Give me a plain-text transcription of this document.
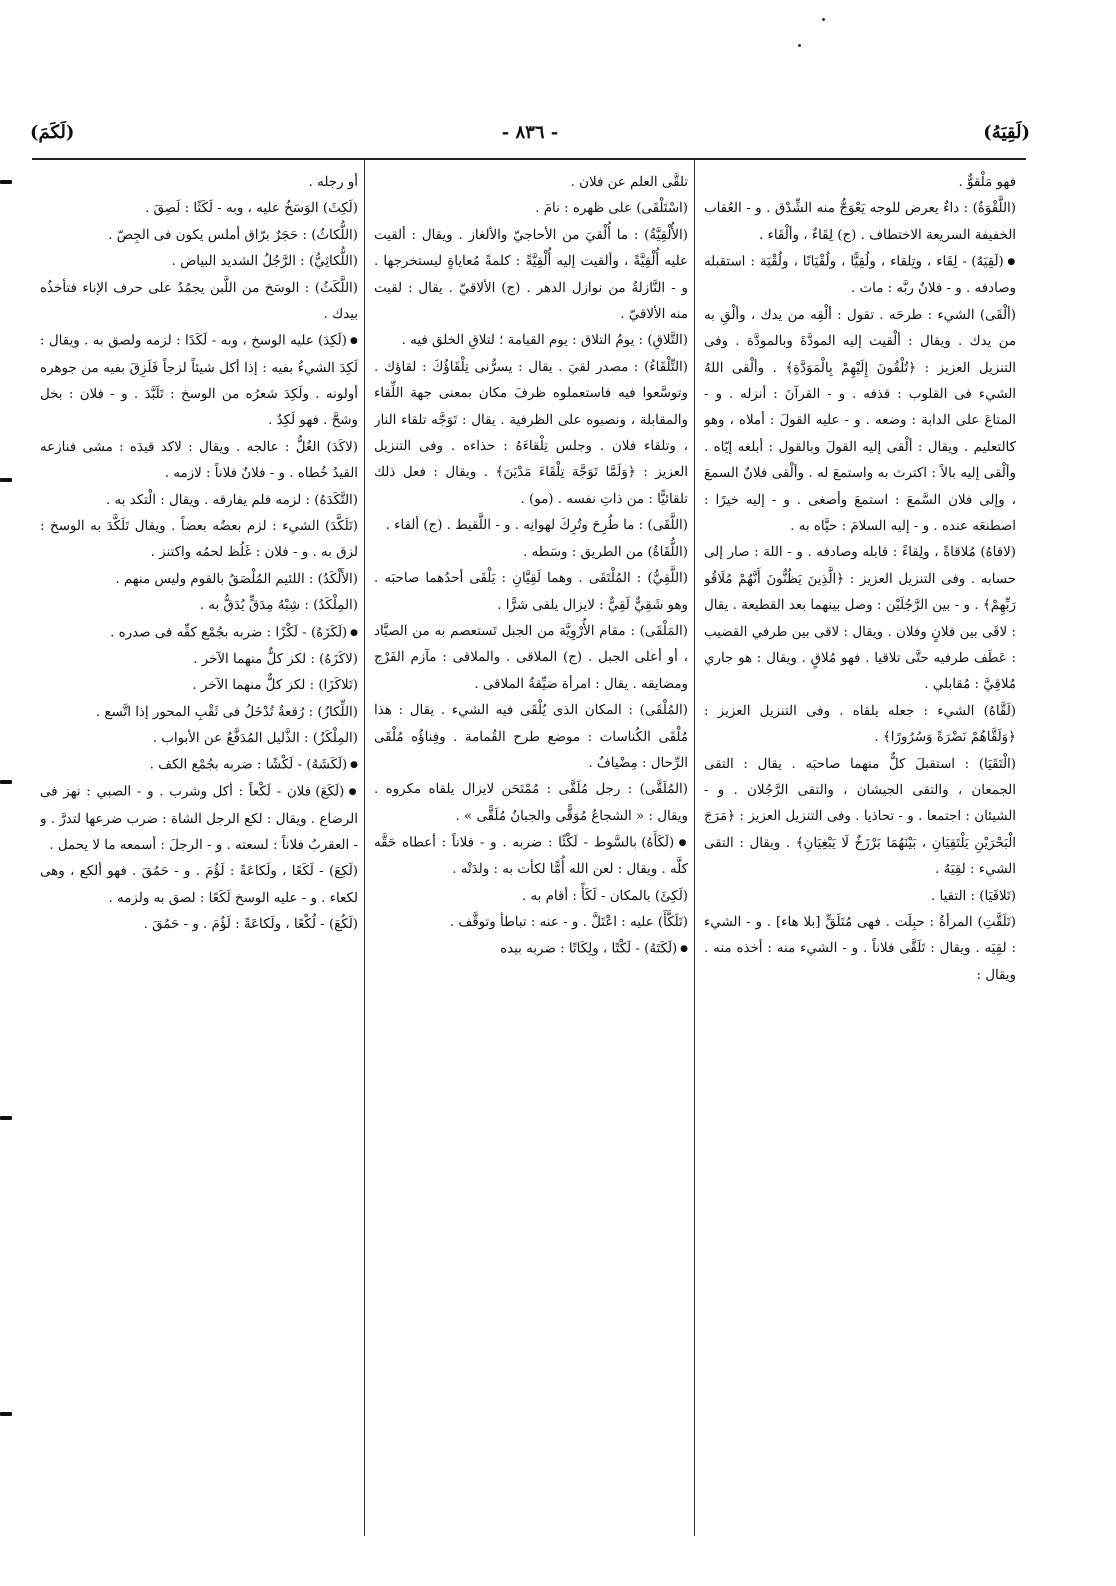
(لَقِيَهُ)
- ٨٣٦ -
(لَكَمَ)

فهو مَلْقوٌّ .

(اللَّقْوَةُ) : داءٌ يعرض للوجه يَعْوَجُّ منه الشِّدْق . و - العُقاب الخفيفة السريعة الاختطاف . (ج) لِقَاءٌ ، وألْقَاء .

● (لَقِيَهُ) - لِقَاء ، وتِلقاء ، ولُقِيًّا ، ولُقْيَانًا ، ولُقْيَة : استقبله وصادفه . و - فلانٌ ربَّه : مات .

(ألْقَى) الشيء : طرحَه . تقول : ألْقِه من يدك ، وألْقِ به من يدك . ويقال : ألْقيت إليه المودَّةَ وبالمودَّة . وفى التنزيل العزيز : ﴿تُلْقُونَ إِلَيْهِمْ بِالْمَوَدَّةِ﴾ . وألْقى اللهُ الشيء فى القلوب : قذفه . و - القرآنَ : أنزله . و - المتاعَ على الدابة : وضعه . و - عليه القولَ : أملاه ، وهو كالتعليم . ويقال : ألْقى إليه القولَ وبالقول : أبلغه إيّاه . وألْقى إليه بالاً : اكترث به واستمعَ له . وألْقى فلانٌ السمعَ ، وإلى فلان السَّمعَ : استمعَ وأصغى . و - إليه خيرًا : اصطنعَه عنده . و - إليه السلامَ : حيَّاه به .

(لاقاهُ) مُلاقاةً ، ولِقاءً : قابله وصادفه . و - اللهَ : صار إلى حسابه . وفى التنزيل العزيز : ﴿الَّذِينَ يَظُنُّونَ أَنَّهُمْ مُلَاقُو رَبِّهِمْ﴾ . و - بين الرَّجُلَيْن : وصل بينهما بعد القطيعة . يقال : لاقَى بين فلانٍ وفلان . ويقال : لاقى بين طرفي القضيب : عَطَف طرفيه حتَّى تلاقيا . فهو مُلاقٍ . ويقال : هو جاري مُلاقِيَّ : مُقابلي .

(لَقَّاهُ) الشيء : جعله يلقاه . وفى التنزيل العزيز : ﴿وَلَقَّاهُمْ نَضْرَةً وَسُرُورًا﴾ .

(الْتَقَيَا) : استقبلَ كلٌّ منهما صاحبَه . يقال : التقى الجمعان ، والتقى الجيشان ، والتقى الرَّجُلان . و - الشيئان : اجتمعا . و - تحاذيا . وفى التنزيل العزيز : ﴿مَرَجَ الْبَحْرَيْنِ يَلْتَقِيَانِ ، بَيْنَهُمَا بَرْزَخٌ لَا يَبْغِيَانِ﴾ . ويقال : التقى الشيء : لقِيَهُ .

(تَلاقَيَا) : التقيا .

(تَلَقَّتِ) المرأةُ : حبِلَت . فهى مُتَلَقٍّ [بلا هاء] . و - الشيء : لقِيَه . ويقال : تَلَقَّى فلاناً . و - الشيء منه : أخذه منه . ويقال :

تلقَّى العلم عن فلان .

(اسْتَلْقَى) على ظهره : نامَ .

(الأُلْقِيَّةُ) : ما أُلْقيَ من الأحاجيّ والألغاز . ويقال : ألقيت عليه أُلْقِيَّةً ، وألقيت إليه أُلْقِيَّةً : كلمةً مُعاياةٍ ليستخرجها . و - النَّازلةُ من نوازل الدهر . (ج) الألاقيّ . يقال : لقيت منه الألاقيّ .

(التَّلاقِ) : يومُ التلاق : يوم القيامة ؛ لتلاقِ الخلق فيه .

(التِّلْقَاءُ) : مصدر لقيَ . يقال : يسرُّنى تِلْقَاؤُكَ : لقاؤك . وتوسَّعوا فيه فاستعملوه ظرفَ مكان بمعنى جهة اللِّقاء والمقابلة ، ونصبوه على الظرفية . يقال : تَوَجَّه تلقاء النار ، وتلقاء فلان . وجلس تِلْقاءَهُ : حذاءه . وفى التنزيل العزيز : ﴿وَلَمَّا تَوَجَّهَ تِلْقَاءَ مَدْيَنَ﴾ . ويقال : فعل ذلك تلقائيًّا : من ذاتِ نفسه . (مو) .

(اللَّقَى) : ما طُرِحَ وتُرِكَ لهوانِه . و - اللَّقيط . (ج) ألقاء .

(اللُّقَاةُ) من الطريق : وسَطه .

(اللَّقِيُّ) : المُلْتَقَى . وهما لَقِيَّانِ : يَلْقَى أحدُهما صاحبَه . وهو شَقِيٌّ لَقِيٌّ : لايزال يلقى شرًّا .

(المَلْقَى) : مقام الأُرْوِيَّة من الجبل تَستعصم به من الصيَّاد ، أو أعلى الجبل . (ج) الملاقى . والملاقى : مآزم الفَرْج ومضايقه . يقال : امرأة ضيِّقةُ الملاقى .

(المُلْقَى) : المكان الذى يُلْقَى فيه الشيء . يقال : هذا مُلْقَى الكُناسات : موضع طرح القُمامة . وفِناؤُه مُلْقَى الرِّحال : مِضْيافٌ .

(المُلَقَّى) : رجل مُلَقَّى : مُمْتَحَن لايزال يلقاه مكروه . ويقال : « الشجاعُ مُوَقًّى والجبانُ مُلَقًّى » .

● (لَكَأَهُ) بالسَّوط - لَكْئًا : ضربه . و - فلاناً : أعطاه حَقَّه كلَّه . ويقال : لعن الله أُمًّا لكأت به : ولدَتْه .

(لَكِئَ) بالمكان - لَكَأً : أقام به .

(تَلَكَّأَ) عليه : اعْتَلَّ . و - عنه : تباطأ وتوقَّف .

● (لَكَتَهُ) - لَكْتًا ، ولِكَاتًا : ضربه بيده

أو رجله .

(لَكِثَ) الوَسَخُ عليه ، وبه - لَكَثًا : لَصِقَ .

(اللُّكاثُ) : حَجَرٌ برّاق أملس يكون فى الجِصّ .

(اللُّكاثِيُّ) : الرَّجُلُ الشديد البياض .

(اللَّكَثُ) : الوسَخ من اللَّبن يجمُدُ على حرف الإناء فتأخذُه بيدك .

● (لَكِدَ) عليه الوسخ ، وبه - لَكَدًا : لزمه ولصق به . ويقال : لَكِدَ الشيءُ بفيه : إذا أكل شيئاً لزجاً فَلَزِقَ بفيه من جوهره أولونه . ولَكِدَ شعرُه من الوسخ : تَلَبَّدَ . و - فلان : بخل وشحَّ . فهو لَكِدٌ .

(لاكَدَ) الغُلُّ : عالجه . ويقال : لاكد قيدَه : مشى فنازعه القيدُ خُطاه . و - فلانٌ فلاناً : لازمه .

(التَّكَدَهُ) : لزمه فلم يفارقه . ويقال : الْتكد به .

(تَلَكَّدَ) الشيء : لزم بعضُه بعضاً . ويقال تَلَكَّدَ به الوسخ : لزق به . و - فلان : غَلُظ لحمُه واكتنز .

(الأَلْكَدُ) : اللئيم المُلْصَقُ بالقوم وليس منهم .

(المِلْكَدُ) : شِبْهُ مِدَقٍّ يُدَقُّ به .

● (لَكَزَهُ) - لَكْزًا : ضربه بجُمْع كفِّه فى صدره .

(لاكَزَهُ) : لكز كلٌّ منهما الآخر .

(تَلاكَزَا) : لكز كلٌّ منهما الآخر .

(اللِّكازُ) : رُقعةٌ تُدْخَلُ فى ثَقْبِ المحور إذا اتَّسع .

(المِلْكَزُ) : الذَّليل المُدَفَّعُ عن الأبواب .

● (لَكَشَهُ) - لَكْشًا : ضربه بجُمْع الكف .

● (لَكَعَ) فلان - لَكْعاً : أكل وشرب . و - الصبي : نهز فى الرضاع . ويقال : لكع الرجل الشاة : ضرب ضرعها لتدرَّ . و - العقربُ فلاناً : لسعته . و - الرجلَ : أسمعه ما لا يحمل .

(لَكِعَ) - لَكَعًا ، ولَكاعَةً : لَؤُمَ . و - حَمُقَ . فهو ألكع ، وهى لكعاء . و - عليه الوسخ لَكَعًا : لصق به ولزمه .

(لَكُعَ) - لُكْعًا ، ولَكاعَةً : لَؤُمَ . و - حَمُقَ .
